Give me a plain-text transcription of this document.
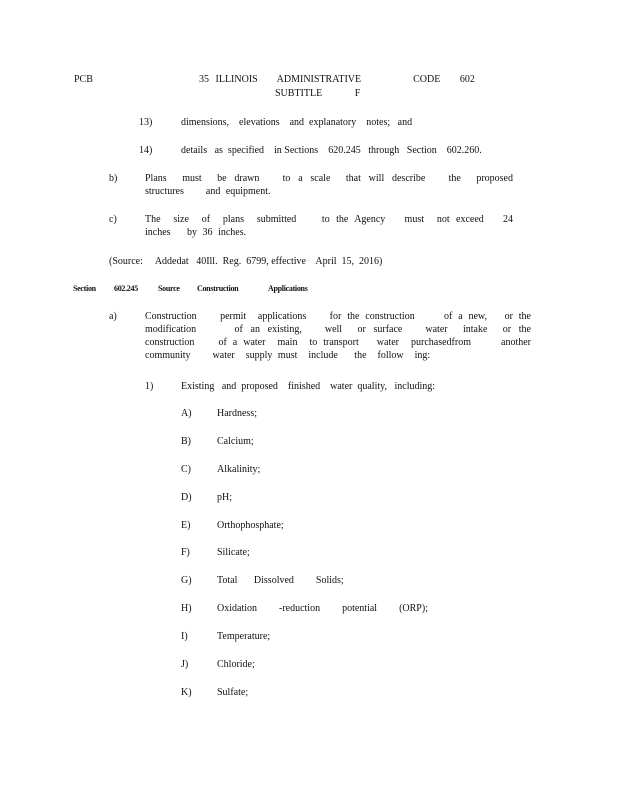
PCB	35 ILLINOIS   ADMINISTRATIVE        CODE   602
SUBTITLE     F
13)	dimensions,    elevations    and  explanatory    notes;   and
14)	details   as  specified    in Sections    620.245   through   Section    602.260.
b)	Plans  must  be drawn   to a scale  that will describe   the  proposed   structures    and equipment.
c)	The  size  of  plans  submitted    to the Agency   must  not exceed   24  inches   by 36 inches.
(Source:     Addedat   40Ill.  Reg.  6799, effective    April  15,  2016)
Section 602.245	Source Construction	Applications
a)	Construction    permit  applications    for the construction     of a new,   or the modification     of an existing,   well  or surface   water  intake  or the construction    of a water  main  to transport   water  purchasedfrom     another  community    water  supply must  include   the  follow  ing:
1)	Existing   and  proposed    finished    water  quality,   including:
A)	Hardness;
B)	Calcium;
C)	Alkalinity;
D)	pH;
E)	Orthophosphate;
F)	Silicate;
G)	Total   Dissolved    Solids;
H)	Oxidation    -reduction    potential    (ORP);
I)	Temperature;
J)	Chloride;
K)	Sulfate;
